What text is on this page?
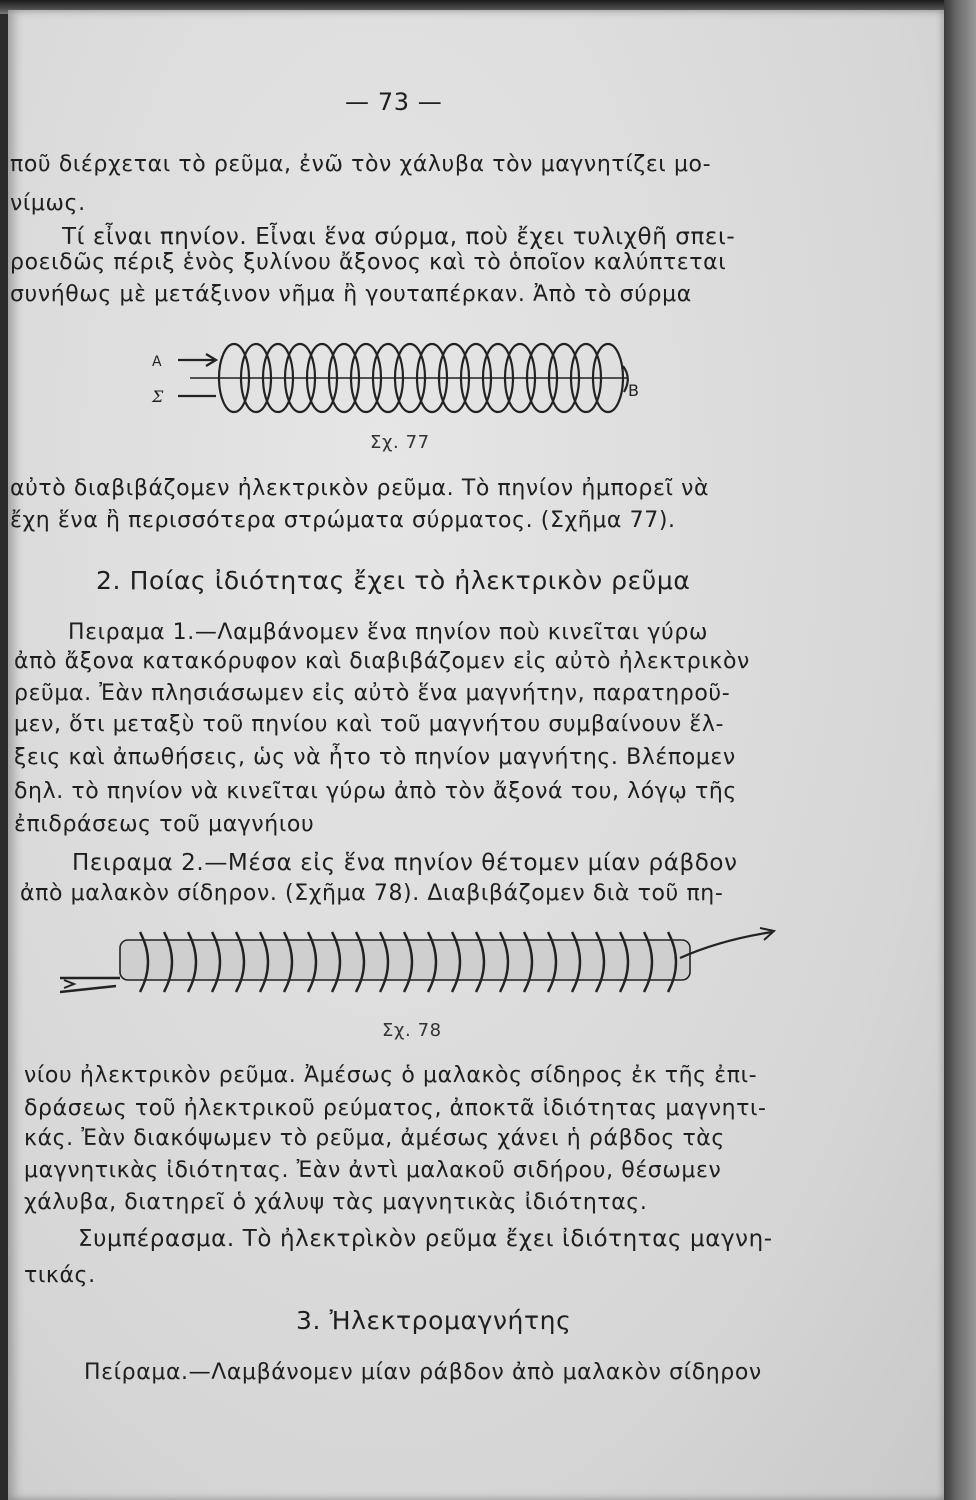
— 73 —
ποῦ διέρχεται τὸ ρεῦμα, ἐνῶ τὸν χάλυβα τὸν μαγνητίζει μο-
νίμως.
Τί εἶναι πηνίον. Εἶναι ἕνα σύρμα, ποὺ ἔχει τυλιχθῆ σπει-
ροειδῶς πέριξ ἑνὸς ξυλίνου ἄξονος καὶ τὸ ὁποῖον καλύπτεται
συνήθως μὲ μετάξινον νῆμα ἢ γουταπέρκαν. Ἀπὸ τὸ σύρμα
A
Σ	B
Σχ. 77
αὐτὸ διαβιβάζομεν ἠλεκτρικὸν ρεῦμα. Τὸ πηνίον ἠμπορεῖ νὰ
ἔχη ἕνα ἢ περισσότερα στρώματα σύρματος. (Σχῆμα 77).
2. Ποίας ἰδιότητας ἔχει τὸ ἠλεκτρικὸν ρεῦμα
Πειραμα 1.—Λαμβάνομεν ἕνα πηνίον ποὺ κινεῖται γύρω
ἀπὸ ἄξονα κατακόρυφον καὶ διαβιβάζομεν εἰς αὐτὸ ἠλεκτρικὸν
ρεῦμα. Ἐὰν πλησιάσωμεν εἰς αὐτὸ ἕνα μαγνήτην, παρατηροῦ-
μεν, ὅτι μεταξὺ τοῦ πηνίου καὶ τοῦ μαγνήτου συμβαίνουν ἕλ-
ξεις καὶ ἀπωθήσεις, ὡς νὰ ἦτο τὸ πηνίον μαγνήτης. Βλέπομεν
δηλ. τὸ πηνίον νὰ κινεῖται γύρω ἀπὸ τὸν ἄξονά του, λόγῳ τῆς
ἐπιδράσεως τοῦ μαγνήιου
Πειραμα 2.—Μέσα εἰς ἕνα πηνίον θέτομεν μίαν ράβδον
ἀπὸ μαλακὸν σίδηρον. (Σχῆμα 78). Διαβιβάζομεν διὰ τοῦ πη-
Σχ. 78
νίου ἠλεκτρικὸν ρεῦμα. Ἀμέσως ὁ μαλακὸς σίδηρος ἐκ τῆς ἐπι-
δράσεως τοῦ ἠλεκτρικοῦ ρεύματος, ἀποκτᾶ ἰδιότητας μαγνητι-
κάς. Ἐὰν διακόψωμεν τὸ ρεῦμα, ἀμέσως χάνει ἡ ράβδος τὰς
μαγνητικὰς ἰδιότητας. Ἐὰν ἀντὶ μαλακοῦ σιδήρου, θέσωμεν
χάλυβα, διατηρεῖ ὁ χάλυψ τὰς μαγνητικὰς ἰδιότητας.
Συμπέρασμα. Τὸ ἠλεκτρὶκὸν ρεῦμα ἔχει ἰδιότητας μαγνη-
τικάς.
3. Ἠλεκτρομαγνήτης
Πείραμα.—Λαμβάνομεν μίαν ράβδον ἀπὸ μαλακὸν σίδηρον
